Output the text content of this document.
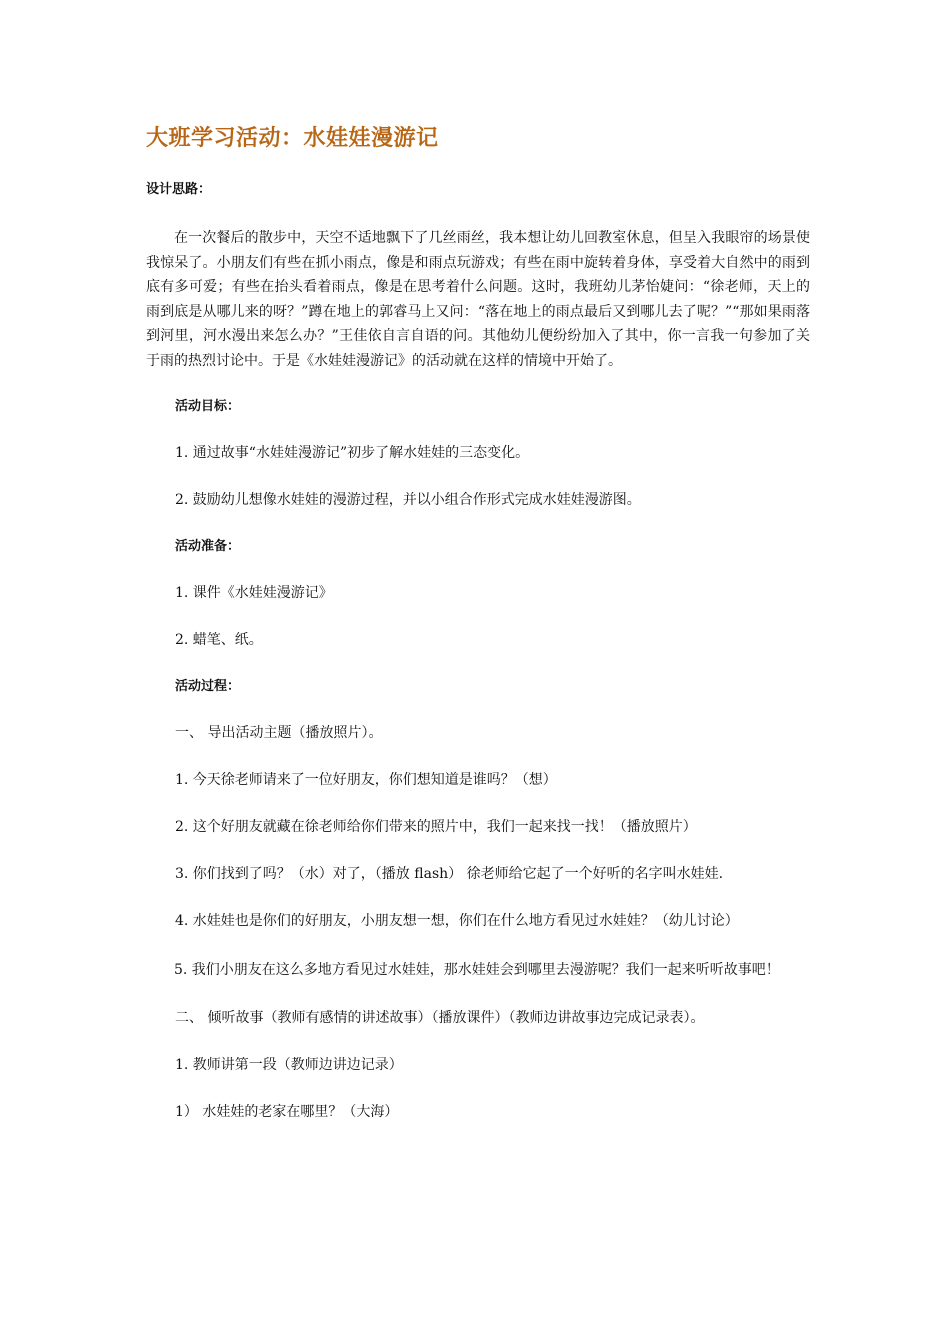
大班学习活动：水娃娃漫游记
设计思路：

在一次餐后的散步中，天空不适地飘下了几丝雨丝，我本想让幼儿回教室休息，但呈入我眼帘的场景使我惊呆了。小朋友们有些在抓小雨点，像是和雨点玩游戏；有些在雨中旋转着身体，享受着大自然中的雨到底有多可爱；有些在抬头看着雨点，像是在思考着什么问题。这时，我班幼儿茅怡婕问：“徐老师，天上的雨到底是从哪儿来的呀？”蹲在地上的郭睿马上又问：“落在地上的雨点最后又到哪儿去了呢？”“那如果雨落到河里，河水漫出来怎么办？”王佳依自言自语的问。其他幼儿便纷纷加入了其中，你一言我一句参加了关于雨的热烈讨论中。于是《水娃娃漫游记》的活动就在这样的情境中开始了。

活动目标：

1. 通过故事“水娃娃漫游记”初步了解水娃娃的三态变化。

2. 鼓励幼儿想像水娃娃的漫游过程，并以小组合作形式完成水娃娃漫游图。

活动准备：

1. 课件《水娃娃漫游记》

2. 蜡笔、纸。

活动过程：

一、 导出活动主题（播放照片）。

1. 今天徐老师请来了一位好朋友，你们想知道是谁吗？（想）

2. 这个好朋友就藏在徐老师给你们带来的照片中，我们一起来找一找！（播放照片）

3. 你们找到了吗？（水）对了，（播放 flash） 徐老师给它起了一个好听的名字叫水娃娃.

4. 水娃娃也是你们的好朋友，小朋友想一想，你们在什么地方看见过水娃娃？（幼儿讨论）

5. 我们小朋友在这么多地方看见过水娃娃，那水娃娃会到哪里去漫游呢？我们一起来听听故事吧！

二、 倾听故事（教师有感情的讲述故事）（播放课件）（教师边讲故事边完成记录表）。

1. 教师讲第一段（教师边讲边记录）

1） 水娃娃的老家在哪里？（大海）
